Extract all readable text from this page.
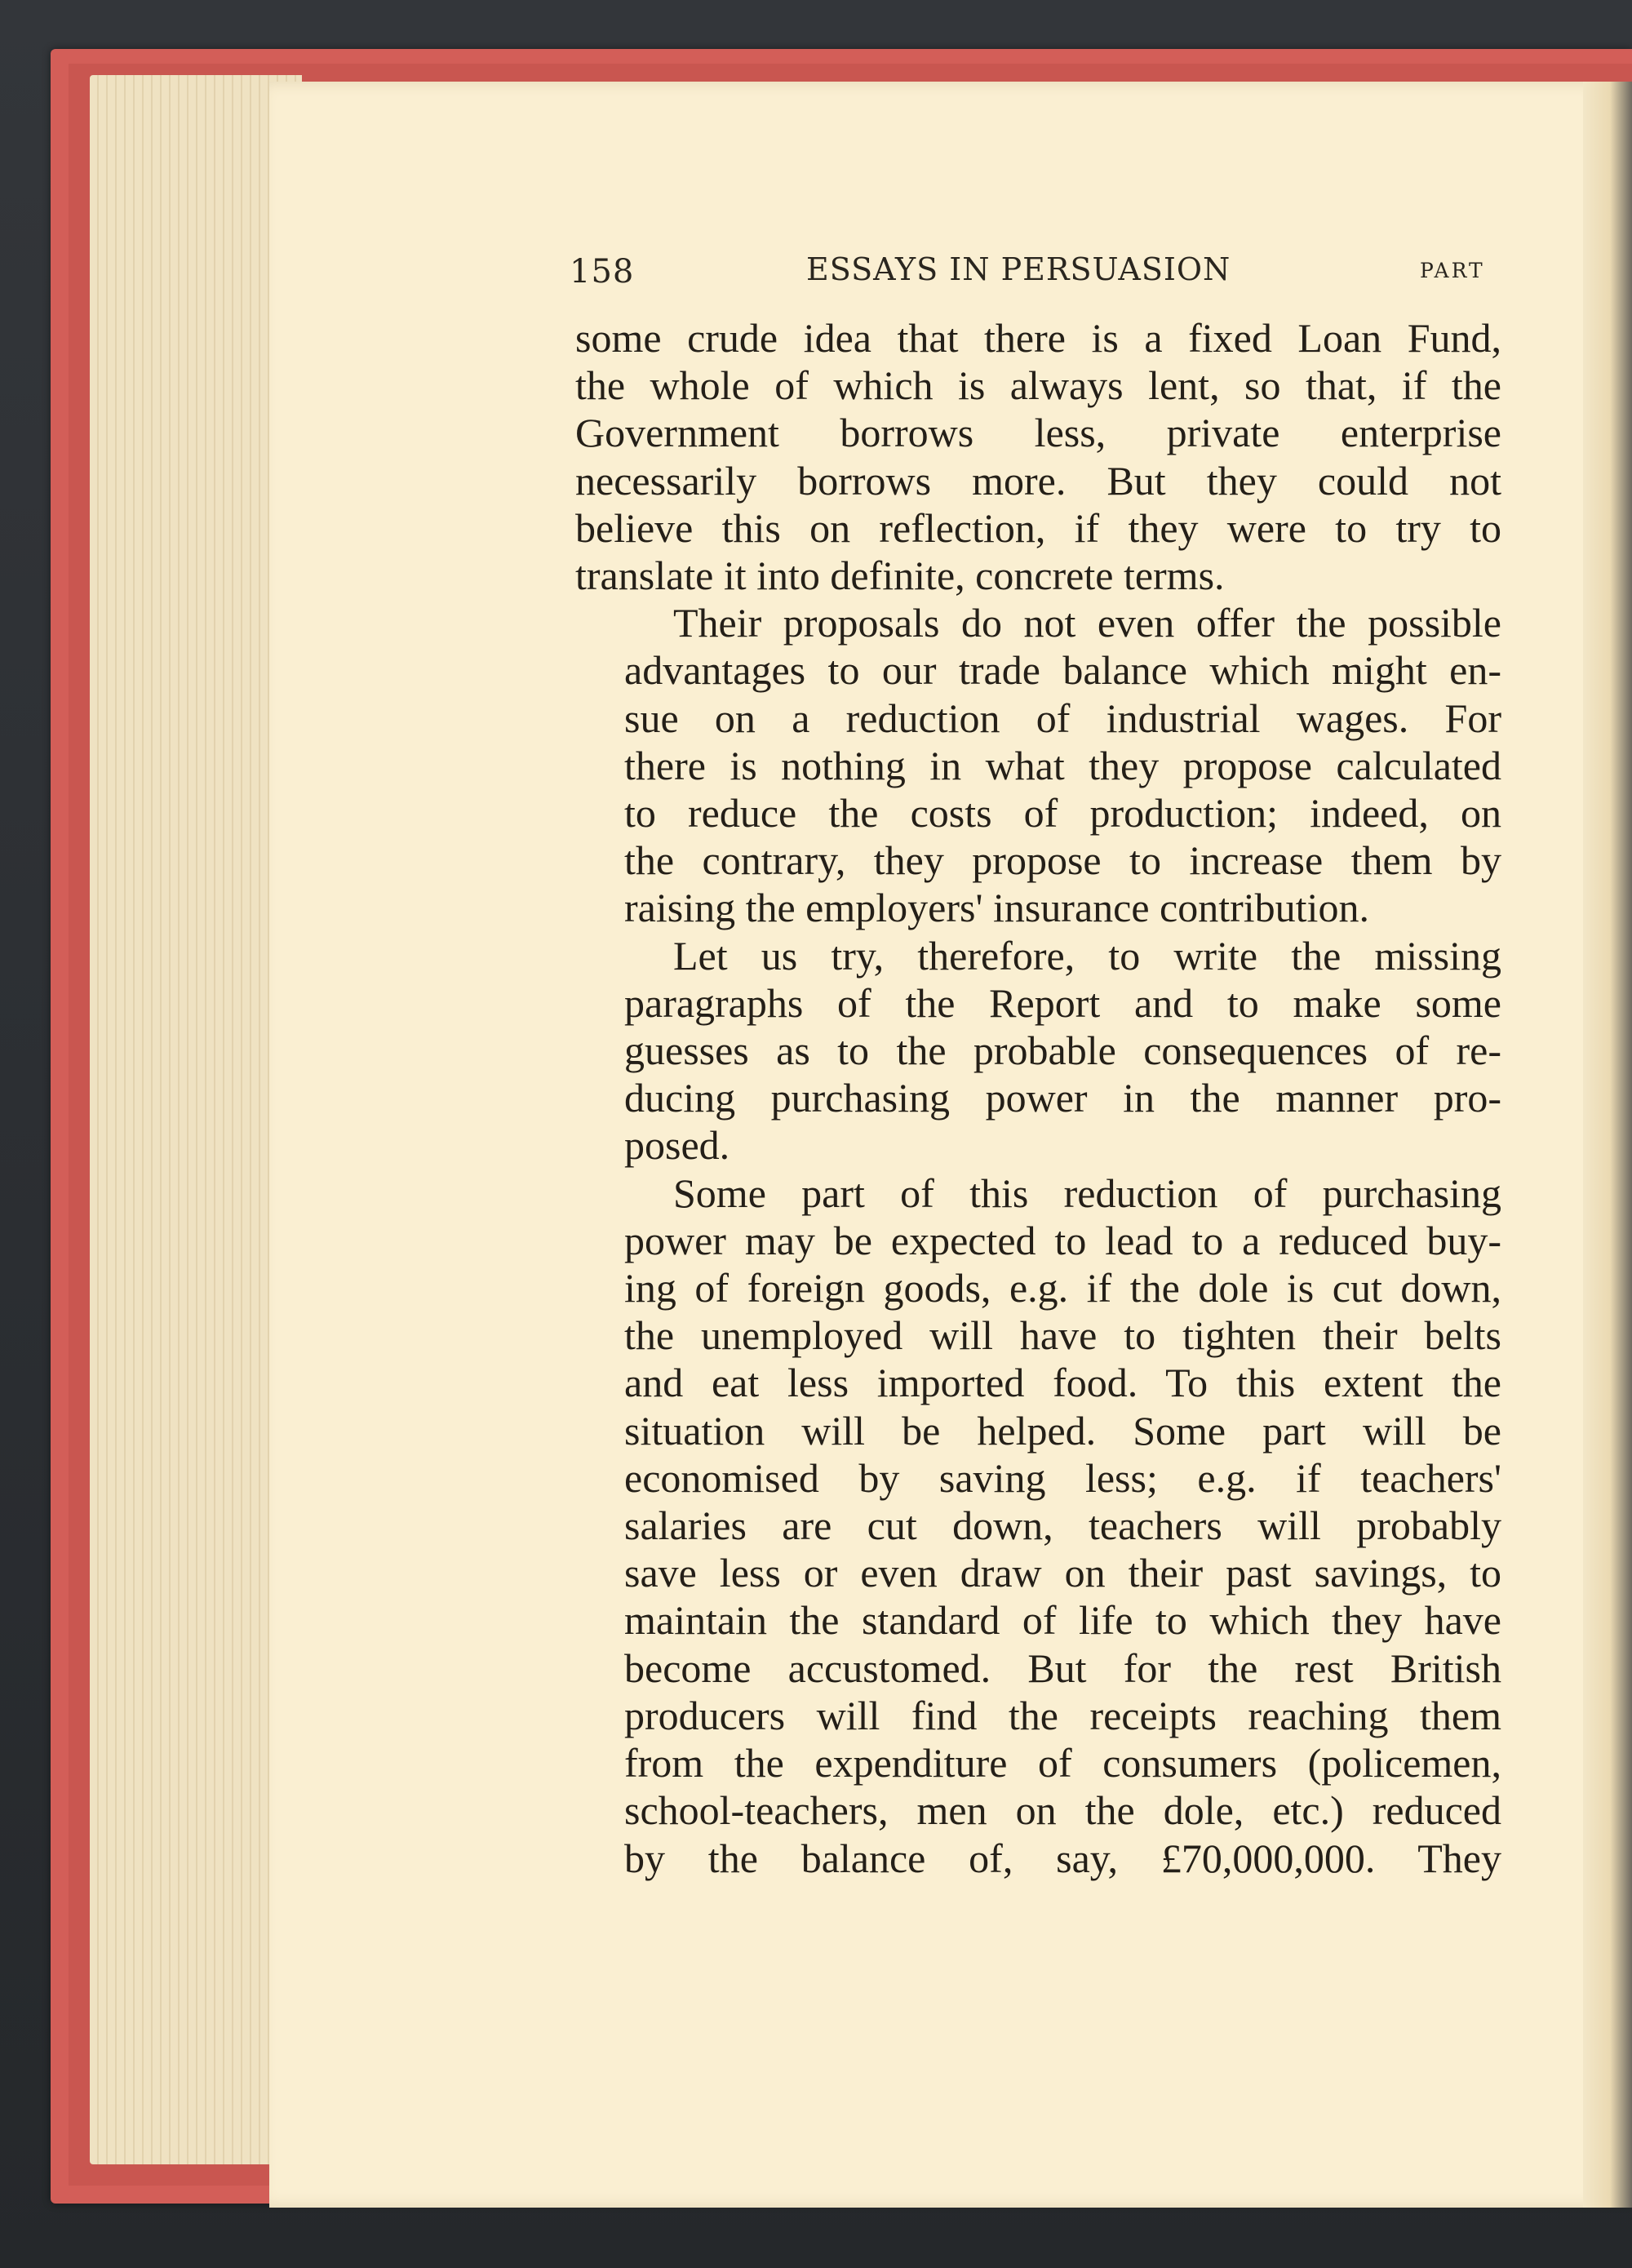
158	ESSAYS IN PERSUASION	PART

some crude idea that there is a fixed Loan Fund,
the whole of which is always lent, so that, if the
Government borrows less, private enterprise
necessarily borrows more. But they could not
believe this on reflection, if they were to try to
translate it into definite, concrete terms.

Their proposals do not even offer the possible
advantages to our trade balance which might en-
sue on a reduction of industrial wages. For
there is nothing in what they propose calculated
to reduce the costs of production; indeed, on
the contrary, they propose to increase them by
raising the employers' insurance contribution.

Let us try, therefore, to write the missing
paragraphs of the Report and to make some
guesses as to the probable consequences of re-
ducing purchasing power in the manner pro-
posed.

Some part of this reduction of purchasing
power may be expected to lead to a reduced buy-
ing of foreign goods, e.g. if the dole is cut down,
the unemployed will have to tighten their belts
and eat less imported food. To this extent the
situation will be helped. Some part will be
economised by saving less; e.g. if teachers'
salaries are cut down, teachers will probably
save less or even draw on their past savings, to
maintain the standard of life to which they have
become accustomed. But for the rest British
producers will find the receipts reaching them
from the expenditure of consumers (policemen,
school-teachers, men on the dole, etc.) reduced
by the balance of, say, £70,000,000. They
